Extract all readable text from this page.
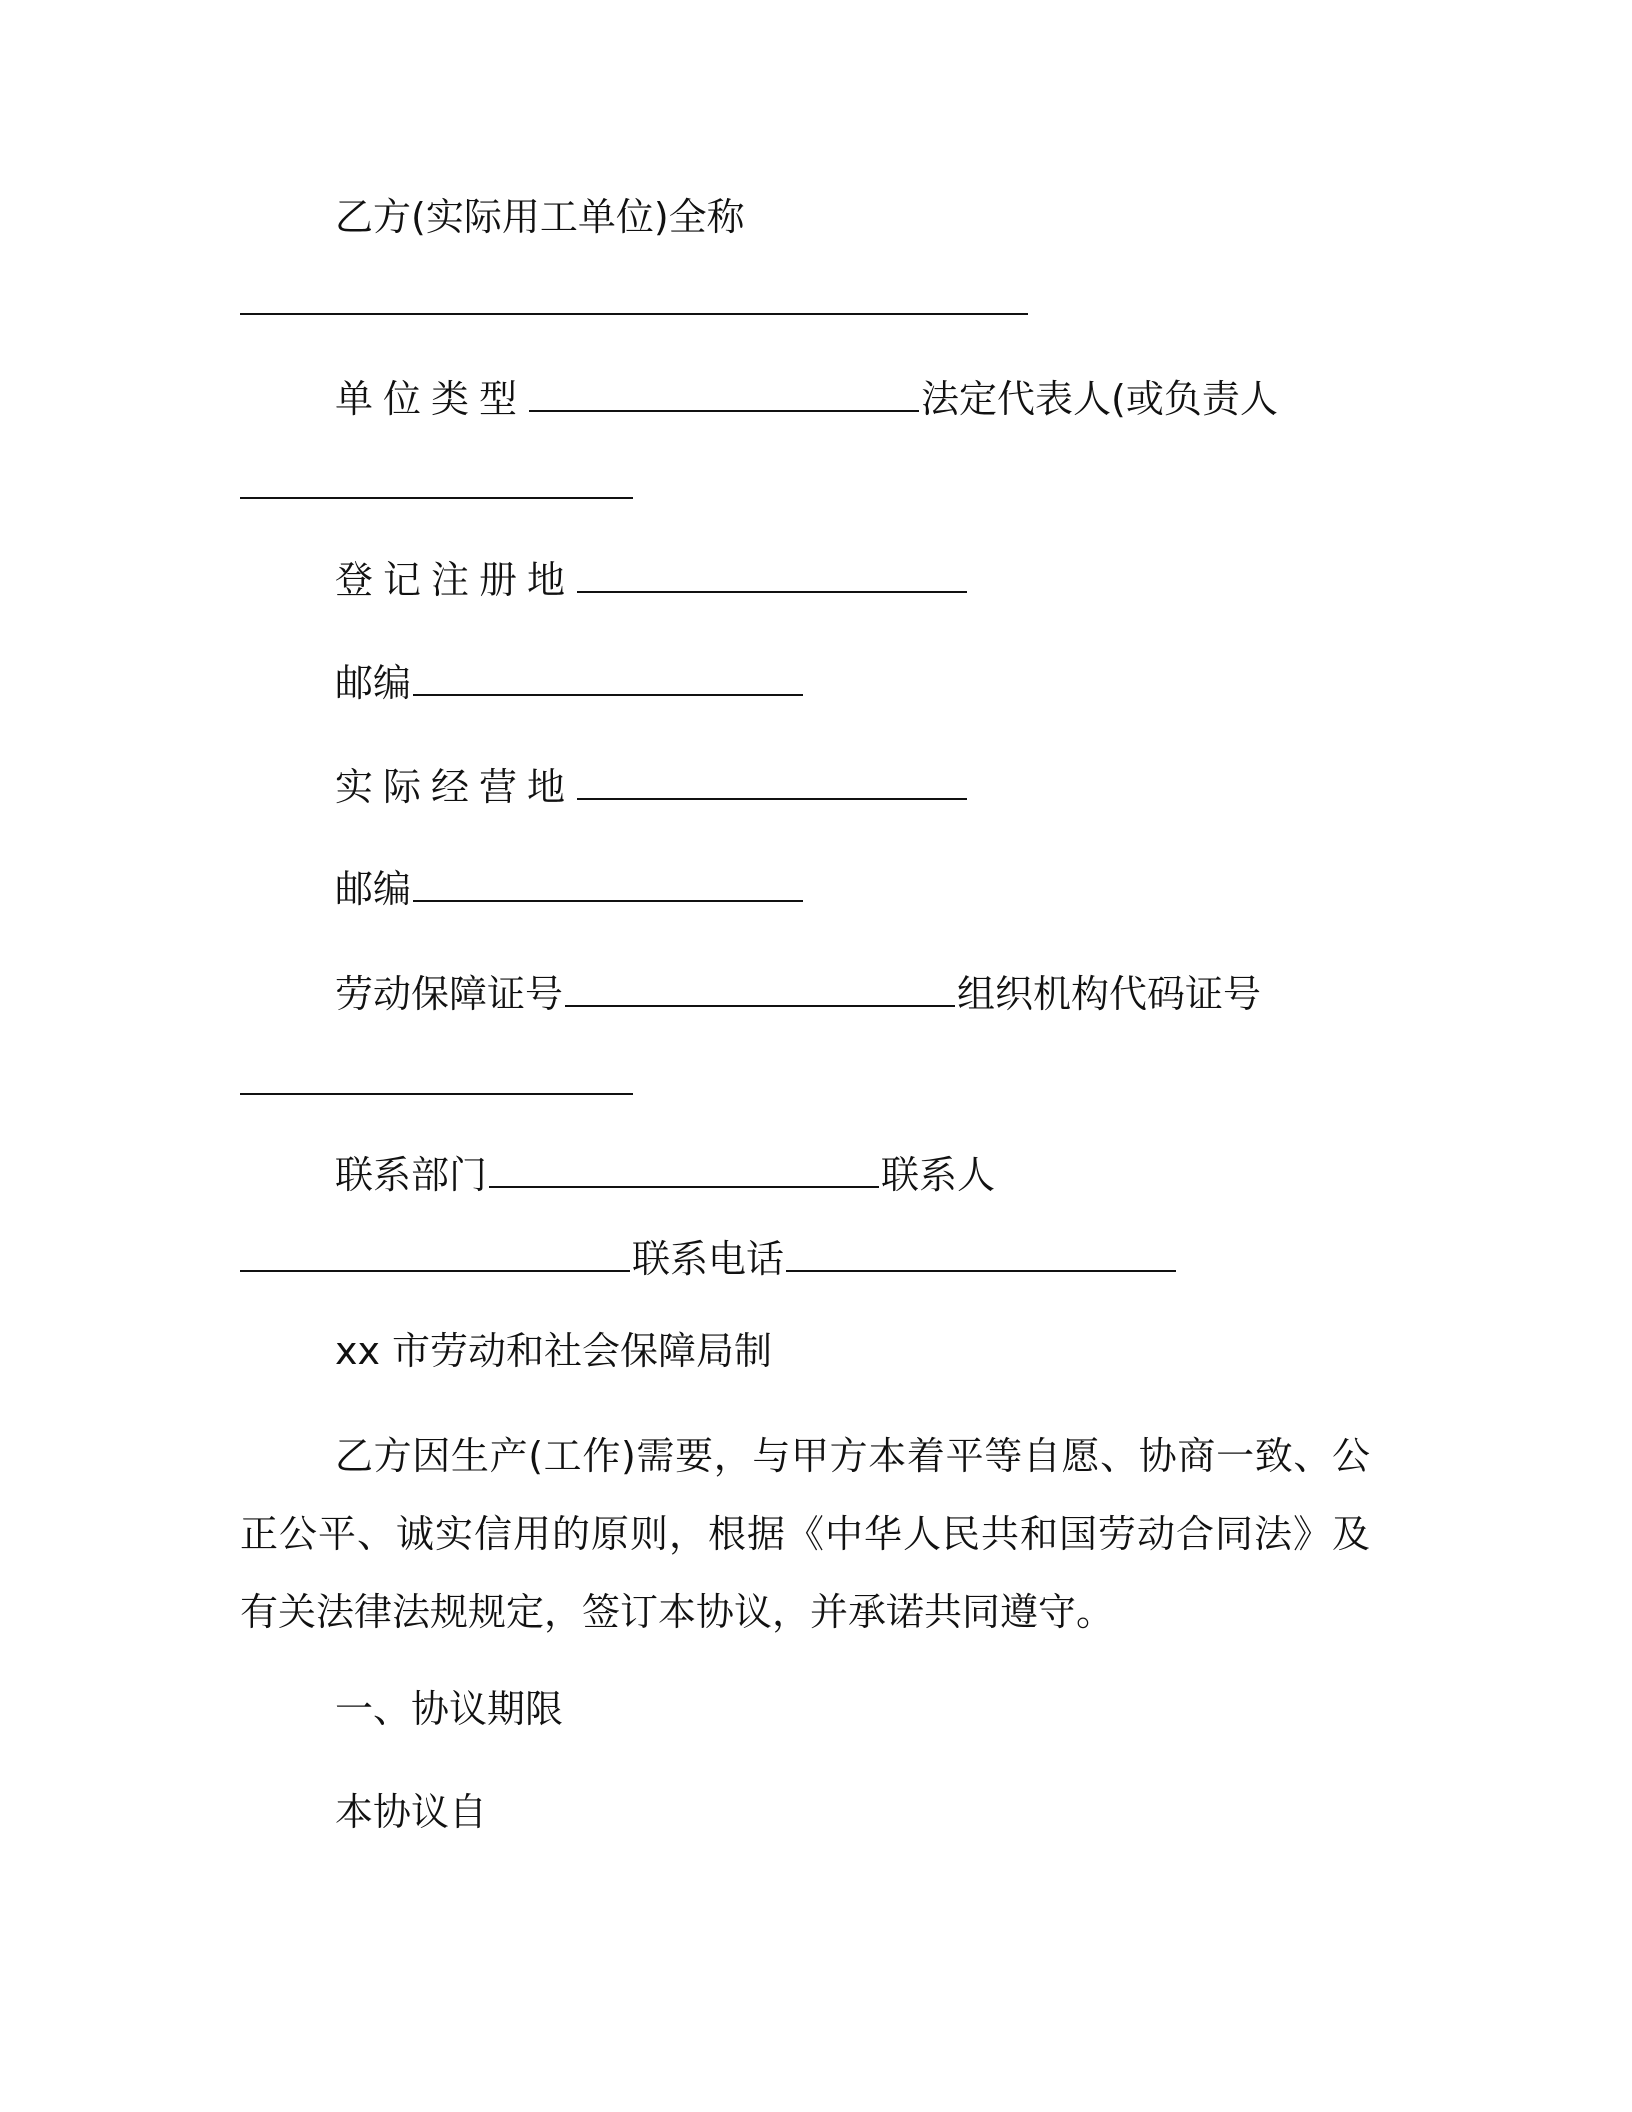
乙方(实际用工单位)全称
单位类型	法定代表人(或负责人
登记注册地
邮编
实际经营地
邮编
劳动保障证号	组织机构代码证号
联系部门	联系人
联系电话
xx 市劳动和社会保障局制
乙方因生产(工作)需要，与甲方本着平等自愿、协商一致、公正公平、诚实信用的原则，根据《中华人民共和国劳动合同法》及有关法律法规规定，签订本协议，并承诺共同遵守。
一、协议期限
本协议自
